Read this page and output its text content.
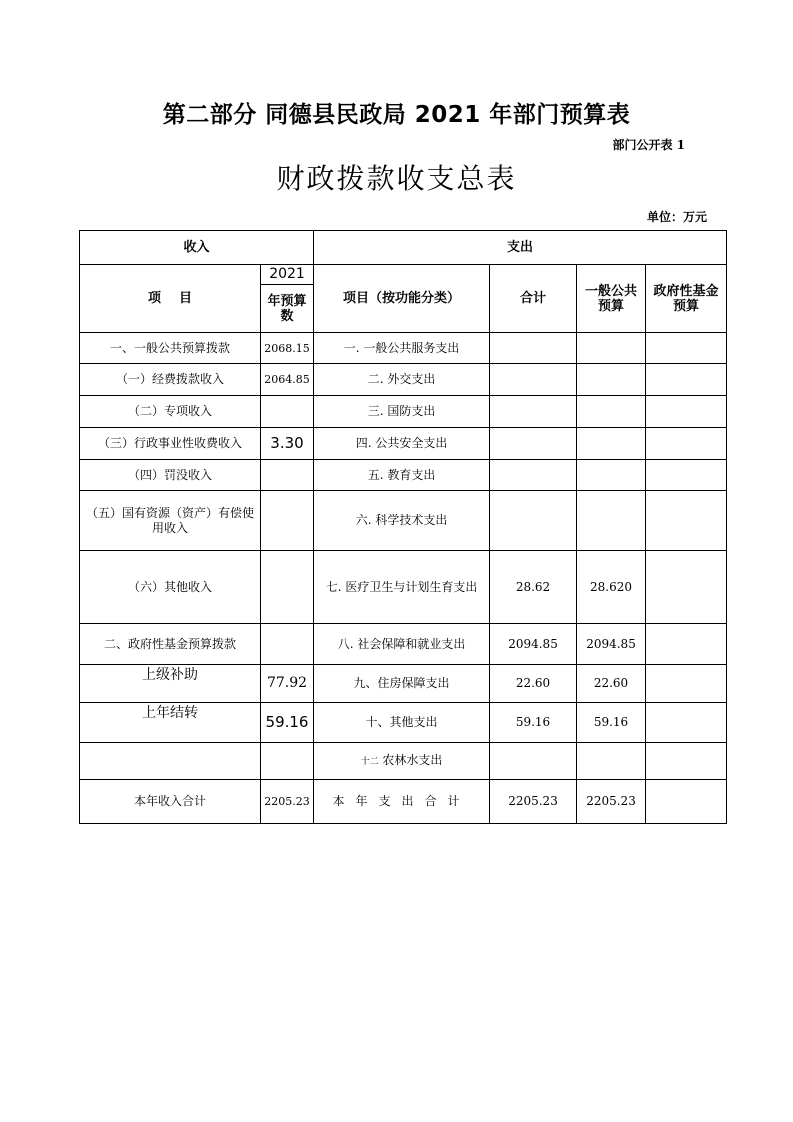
第二部分 同德县民政局 2021 年部门预算表
部门公开表 1
财政拨款收支总表
单位：万元
收入		支出			
项    目	2021	项目（按功能分类）	合计	一般公共预算	政府性基金预算
	年预算数				
一、一般公共预算拨款	2068.15	一. 一般公共服务支出			
（一）经费拨款收入	2064.85	二. 外交支出			
（二）专项收入		三. 国防支出			
（三）行政事业性收费收入	3.30	四. 公共安全支出			
（四）罚没收入		五. 教育支出			
（五）国有资源（资产）有偿使用收入		六. 科学技术支出			
（六）其他收入		七. 医疗卫生与计划生育支出	28.62	28.620	
二、政府性基金预算拨款		八. 社会保障和就业支出	2094.85	2094.85	
上级补助	77.92	九、住房保障支出	22.60	22.60	
上年结转	59.16	十、其他支出	59.16	59.16	
		十二 农林水支出			
本年收入合计	2205.23	本年支出合计	2205.23	2205.23	
